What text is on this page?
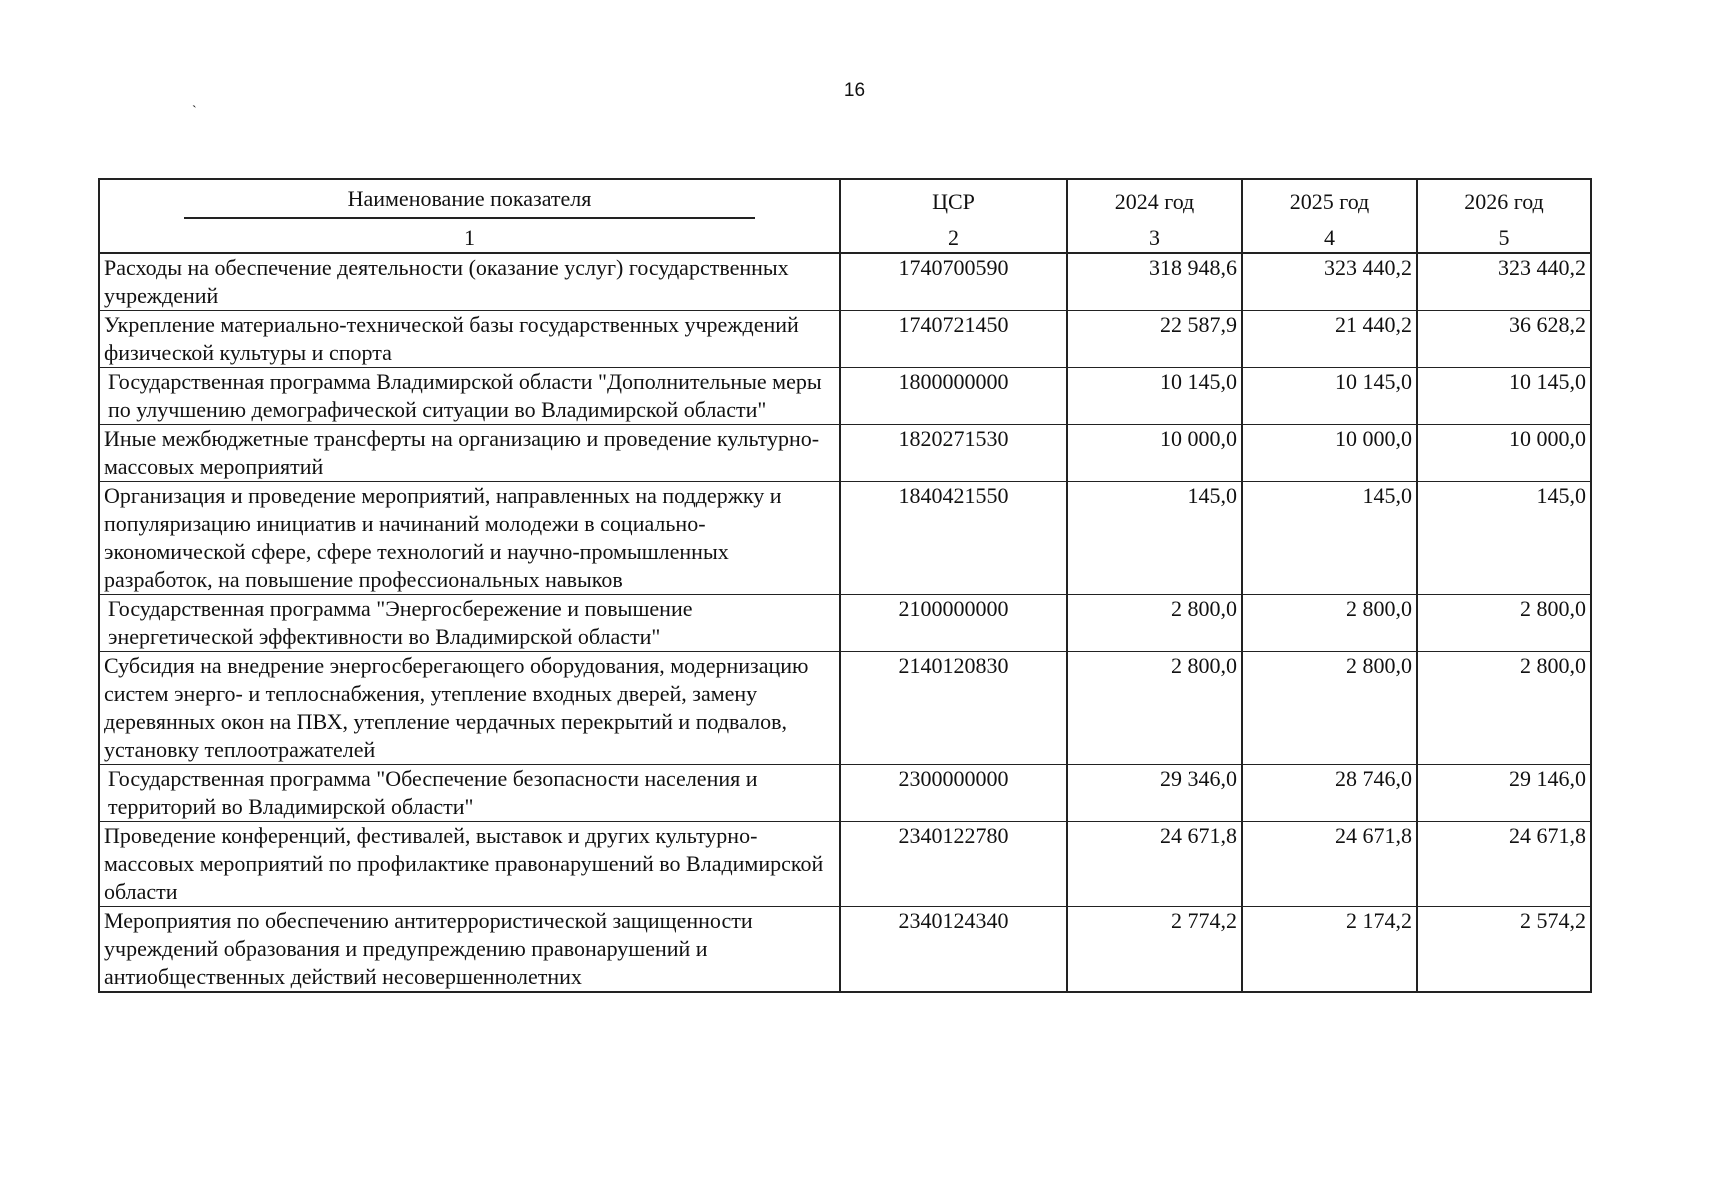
16
`
Наименование показателя	ЦСР	2024 год	2025 год	2026 год
1	2	3	4	5
Расходы на обеспечение деятельности (оказание услуг) государственных учреждений	1740700590	318 948,6	323 440,2	323 440,2
Укрепление материально-технической базы государственных учреждений физической культуры и спорта	1740721450	22 587,9	21 440,2	36 628,2
Государственная программа Владимирской области "Дополнительные меры по улучшению демографической ситуации во Владимирской области"	1800000000	10 145,0	10 145,0	10 145,0
Иные межбюджетные трансферты на организацию и проведение культурно-массовых мероприятий	1820271530	10 000,0	10 000,0	10 000,0
Организация и проведение мероприятий, направленных на поддержку и популяризацию инициатив и начинаний молодежи в социально-экономической сфере, сфере технологий и научно-промышленных разработок, на повышение профессиональных навыков	1840421550	145,0	145,0	145,0
Государственная программа "Энергосбережение и повышение энергетической эффективности во Владимирской области"	2100000000	2 800,0	2 800,0	2 800,0
Субсидия на внедрение энергосберегающего оборудования, модернизацию систем энерго- и теплоснабжения, утепление входных дверей, замену деревянных окон на ПВХ, утепление чердачных перекрытий и подвалов, установку теплоотражателей	2140120830	2 800,0	2 800,0	2 800,0
Государственная программа "Обеспечение безопасности населения и территорий во Владимирской области"	2300000000	29 346,0	28 746,0	29 146,0
Проведение конференций, фестивалей, выставок и других культурно-массовых мероприятий по профилактике правонарушений во Владимирской области	2340122780	24 671,8	24 671,8	24 671,8
Мероприятия по обеспечению антитеррористической защищенности учреждений образования и предупреждению правонарушений и антиобщественных действий несовершеннолетних	2340124340	2 774,2	2 174,2	2 574,2
